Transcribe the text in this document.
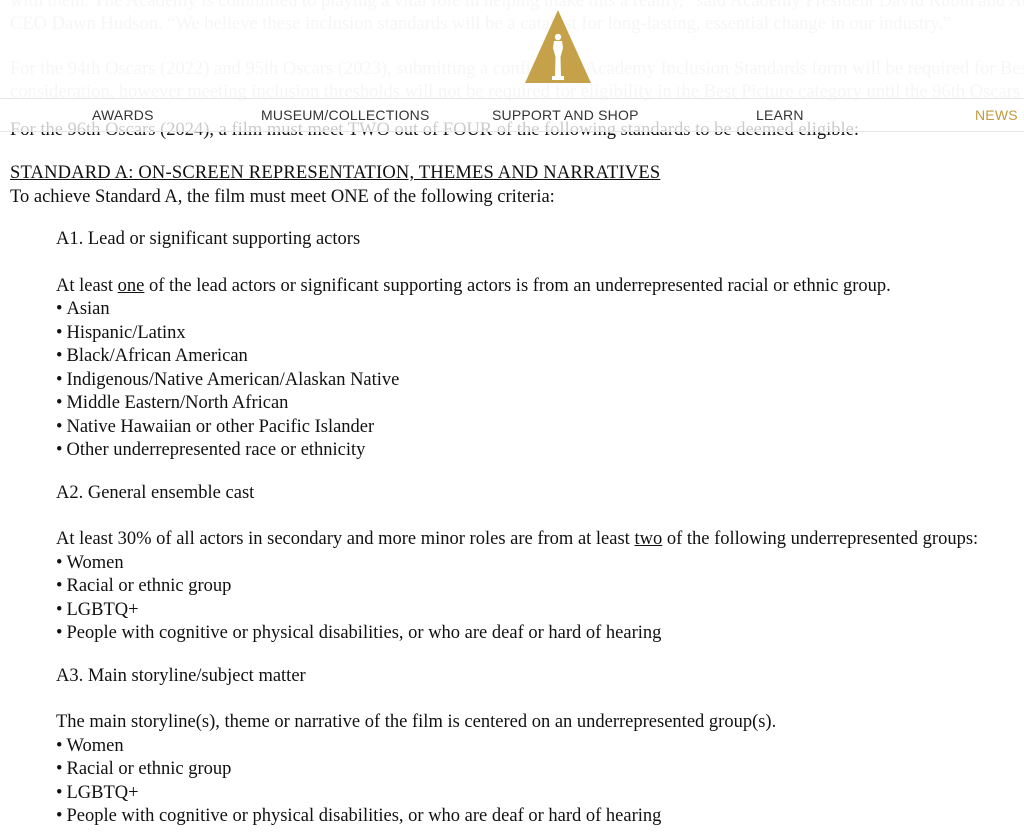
AWARDS	MUSEUM/COLLECTIONS	SUPPORT AND SHOP	LEARN	NEWS
STANDARD A: ON-SCREEN REPRESENTATION, THEMES AND NARRATIVES

To achieve Standard A, the film must meet ONE of the following criteria:

A1. Lead or significant supporting actors

At least one of the lead actors or significant supporting actors is from an underrepresented racial or ethnic group.

• Asian
• Hispanic/Latinx
• Black/African American
• Indigenous/Native American/Alaskan Native
• Middle Eastern/North African
• Native Hawaiian or other Pacific Islander
• Other underrepresented race or ethnicity

A2. General ensemble cast

At least 30% of all actors in secondary and more minor roles are from at least two of the following underrepresented groups:

• Women
• Racial or ethnic group
• LGBTQ+
• People with cognitive or physical disabilities, or who are deaf or hard of hearing

A3. Main storyline/subject matter

The main storyline(s), theme or narrative of the film is centered on an underrepresented group(s).

• Women
• Racial or ethnic group
• LGBTQ+
• People with cognitive or physical disabilities, or who are deaf or hard of hearing
